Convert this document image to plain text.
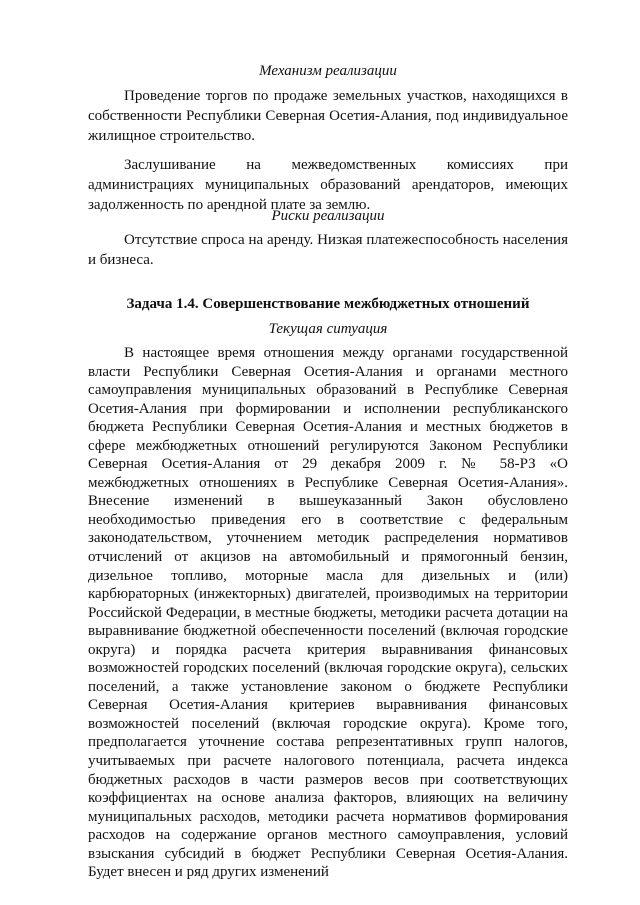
Механизм реализации

Проведение торгов по продаже земельных участков, находящихся в собственности Республики Северная Осетия-Алания, под индивидуальное жилищное строительство.

Заслушивание на межведомственных комиссиях при администрациях муниципальных образований арендаторов, имеющих задолженность по арендной плате за землю.

Риски реализации

Отсутствие спроса на аренду. Низкая платежеспособность населения и бизнеса.

Задача 1.4. Совершенствование межбюджетных отношений
Текущая ситуация

В настоящее время отношения между органами государственной власти Республики Северная Осетия-Алания и органами местного самоуправления муниципальных образований в Республике Северная Осетия-Алания при формировании и исполнении республиканского бюджета Республики Северная Осетия-Алания и местных бюджетов в сфере межбюджетных отношений регулируются Законом Республики Северная Осетия-Алания от 29 декабря 2009 г. № 58-РЗ «О межбюджетных отношениях в Республике Северная Осетия-Алания». Внесение изменений в вышеуказанный Закон обусловлено необходимостью приведения его в соответствие с федеральным законодательством, уточнением методик распределения нормативов отчислений от акцизов на автомобильный и прямогонный бензин, дизельное топливо, моторные масла для дизельных и (или) карбюраторных (инжекторных) двигателей, производимых на территории Российской Федерации, в местные бюджеты, методики расчета дотации на выравнивание бюджетной обеспеченности поселений (включая городские округа) и порядка расчета критерия выравнивания финансовых возможностей городских поселений (включая городские округа), сельских поселений, а также установление законом о бюджете Республики Северная Осетия-Алания критериев выравнивания финансовых возможностей поселений (включая городские округа). Кроме того, предполагается уточнение состава репрезентативных групп налогов, учитываемых при расчете налогового потенциала, расчета индекса бюджетных расходов в части размеров весов при соответствующих коэффициентах на основе анализа факторов, влияющих на величину муниципальных расходов, методики расчета нормативов формирования расходов на содержание органов местного самоуправления, условий взыскания субсидий в бюджет Республики Северная Осетия-Алания. Будет внесен и ряд других изменений
